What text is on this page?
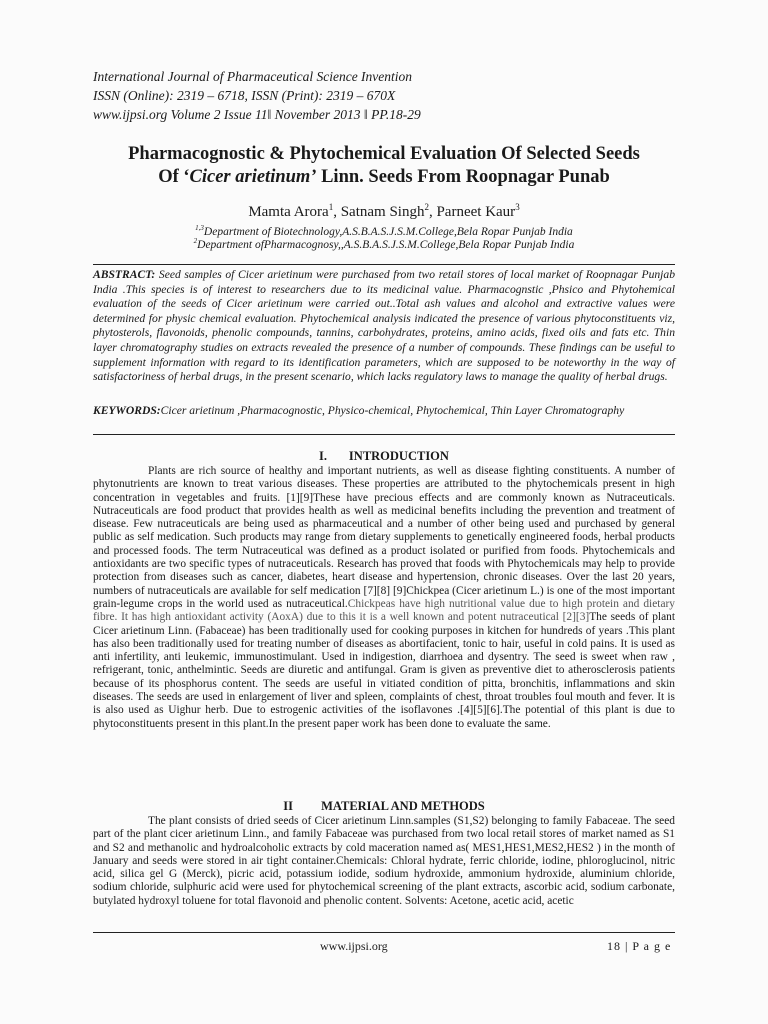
International Journal of Pharmaceutical Science Invention
ISSN (Online): 2319 – 6718, ISSN (Print): 2319 – 670X
www.ijpsi.org Volume 2 Issue 11‖ November 2013 ‖ PP.18-29
Pharmacognostic & Phytochemical Evaluation Of Selected Seeds
Of ‘Cicer arietinum’ Linn. Seeds From Roopnagar Punab
Mamta Arora$^1$, Satnam Singh$^2$, Parneet Kaur$^3$
$^{1,3}$Department of Biotechnology,A.S.B.A.S.J.S.M.College,Bela Ropar Punjab India
$^2$Department ofPharmacognosy,,A.S.B.A.S.J.S.M.College,Bela Ropar Punjab India
ABSTRACT: Seed samples of Cicer arietinum were purchased from two retail stores of local market of Roopnagar Punjab India .This species is of interest to researchers due to its medicinal value. Pharmacognstic ,Phsico and Phytohemical evaluation of the seeds of Cicer arietinum were carried out..Total ash values and alcohol and extractive values were determined for physic chemical evaluation. Phytochemical analysis indicated the presence of various phytoconstituents viz, phytosterols, flavonoids, phenolic compounds, tannins, carbohydrates, proteins, amino acids, fixed oils and fats etc. Thin layer chromatography studies on extracts revealed the presence of a number of compounds. These findings can be useful to supplement information with regard to its identification parameters, which are supposed to be noteworthy in the way of satisfactoriness of herbal drugs, in the present scenario, which lacks regulatory laws to manage the quality of herbal drugs.
KEYWORDS:Cicer arietinum ,Pharmacognostic, Physico-chemical, Phytochemical, Thin Layer Chromatography
I. INTRODUCTION

Plants are rich source of healthy and important nutrients, as well as disease fighting constituents. A number of phytonutrients are known to treat various diseases. These properties are attributed to the phytochemicals present in high concentration in vegetables and fruits. [1][9]These have precious effects and are commonly known as Nutraceuticals. Nutraceuticals are food product that provides health as well as medicinal benefits including the prevention and treatment of disease. Few nutraceuticals are being used as pharmaceutical and a number of other being used and purchased by general public as self medication. Such products may range from dietary supplements to genetically engineered foods, herbal products and processed foods. The term Nutraceutical was defined as a product isolated or purified from foods. Phytochemicals and antioxidants are two specific types of nutraceuticals. Research has proved that foods with Phytochemicals may help to provide protection from diseases such as cancer, diabetes, heart disease and hypertension, chronic diseases. Over the last 20 years, numbers of nutraceuticals are available for self medication [7][8] [9]Chickpea (Cicer arietinum L.) is one of the most important grain-legume crops in the world used as nutraceutical.Chickpeas have high nutritional value due to high protein and dietary fibre. It has high antioxidant activity (AoxA) due to this it is a well known and potent nutraceutical [2][3]The seeds of plant Cicer arietinum Linn. (Fabaceae) has been traditionally used for cooking purposes in kitchen for hundreds of years .This plant has also been traditionally used for treating number of diseases as abortifacient, tonic to hair, useful in cold pains. It is used as anti infertility, anti leukemic, immunostimulant. Used in indigestion, diarrhoea and dysentry. The seed is sweet when raw , refrigerant, tonic, anthelmintic. Seeds are diuretic and antifungal. Gram is given as preventive diet to atherosclerosis patients because of its phosphorus content. The seeds are useful in vitiated condition of pitta, bronchitis, inflammations and skin diseases. The seeds are used in enlargement of liver and spleen, complaints of chest, throat troubles foul mouth and fever. It is is also used as Uighur herb. Due to estrogenic activities of the isoflavones .[4][5][6].The potential of this plant is due to phytoconstituents present in this plant.In the present paper work has been done to evaluate the same.

II MATERIAL AND METHODS

The plant consists of dried seeds of Cicer arietinum Linn.samples (S1,S2) belonging to family Fabaceae. The seed part of the plant cicer arietinum Linn., and family Fabaceae was purchased from two local retail stores of market named as S1 and S2 and methanolic and hydroalcoholic extracts by cold maceration named as( MES1,HES1,MES2,HES2 ) in the month of January and seeds were stored in air tight container.Chemicals: Chloral hydrate, ferric chloride, iodine, phloroglucinol, nitric acid, silica gel G (Merck), picric acid, potassium iodide, sodium hydroxide, ammonium hydroxide, aluminium chloride, sodium chloride, sulphuric acid were used for phytochemical screening of the plant extracts, ascorbic acid, sodium carbonate, butylated hydroxyl toluene for total flavonoid and phenolic content. Solvents: Acetone, acetic acid, acetic

www.ijpsi.org	18 | P a g e
